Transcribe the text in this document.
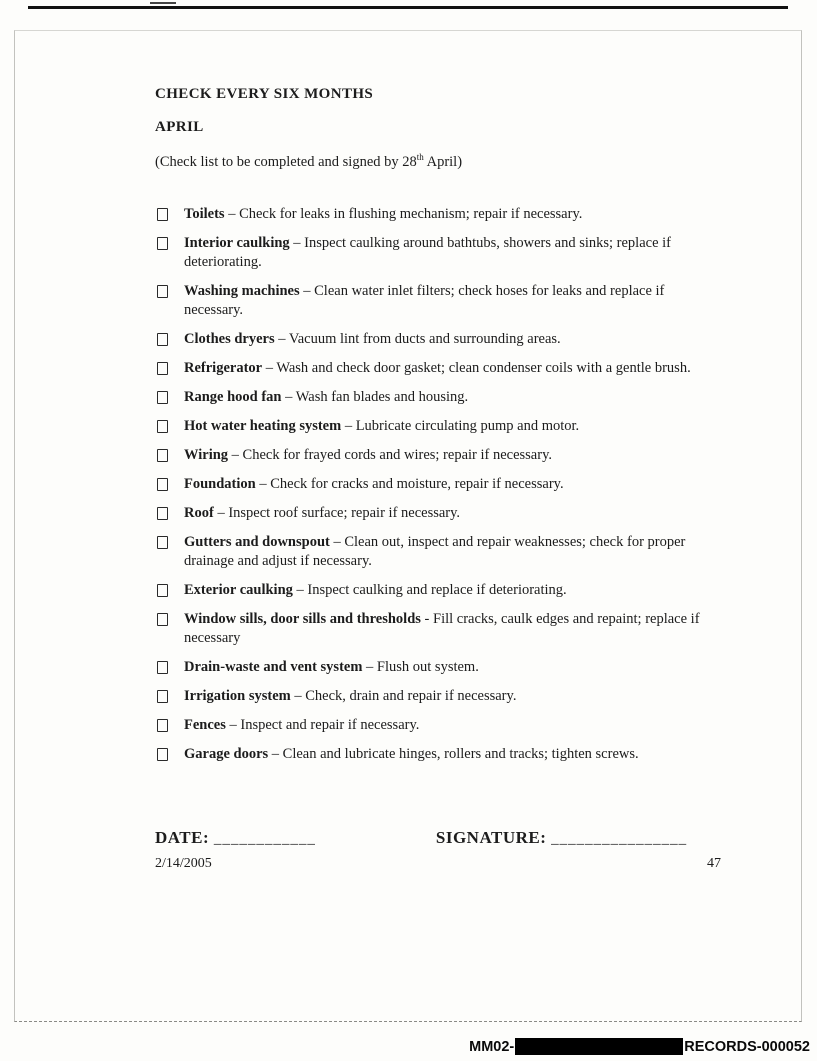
CHECK EVERY SIX MONTHS

APRIL

(Check list to be completed and signed by 28th April)

Toilets – Check for leaks in flushing mechanism; repair if necessary.
Interior caulking – Inspect caulking around bathtubs, showers and sinks; replace if deteriorating.
Washing machines – Clean water inlet filters; check hoses for leaks and replace if necessary.
Clothes dryers – Vacuum lint from ducts and surrounding areas.
Refrigerator – Wash and check door gasket; clean condenser coils with a gentle brush.
Range hood fan – Wash fan blades and housing.
Hot water heating system – Lubricate circulating pump and motor.
Wiring – Check for frayed cords and wires; repair if necessary.
Foundation – Check for cracks and moisture, repair if necessary.
Roof – Inspect roof surface; repair if necessary.
Gutters and downspout – Clean out, inspect and repair weaknesses; check for proper drainage and adjust if necessary.
Exterior caulking – Inspect caulking and replace if deteriorating.
Window sills, door sills and thresholds - Fill cracks, caulk edges and repaint; replace if necessary
Drain-waste and vent system – Flush out system.
Irrigation system – Check, drain and repair if necessary.
Fences – Inspect and repair if necessary.
Garage doors – Clean and lubricate hinges, rollers and tracks; tighten screws.
DATE: ____________	SIGNATURE: ________________
2/14/2005	47
MM02-	RECORDS-000052
